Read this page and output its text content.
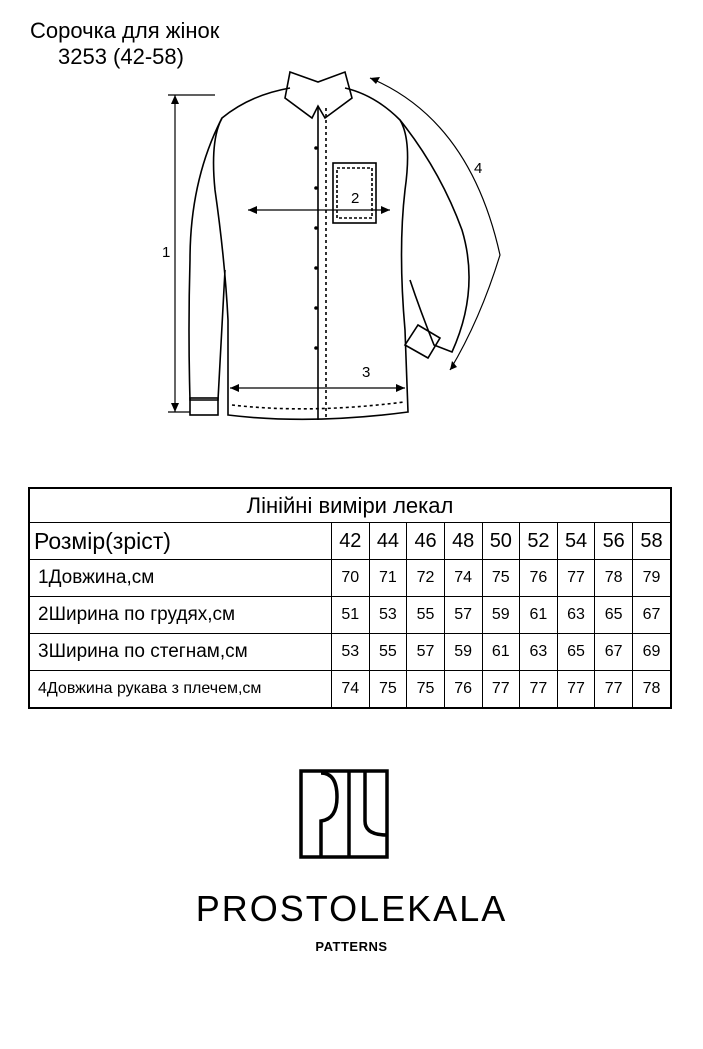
Сорочка для жінок
3253 (42-58)
1
2
3
4
Лінійні виміри лекал									
Розмір(зріст)	42	44	46	48	50	52	54	56	58
1Довжина,см	70	71	72	74	75	76	77	78	79
2Ширина по грудях,см	51	53	55	57	59	61	63	65	67
3Ширина по стегнам,см	53	55	57	59	61	63	65	67	69
4Довжина рукава з плечем,см	74	75	75	76	77	77	77	77	78
PROSTOLEKALA
PATTERNS
